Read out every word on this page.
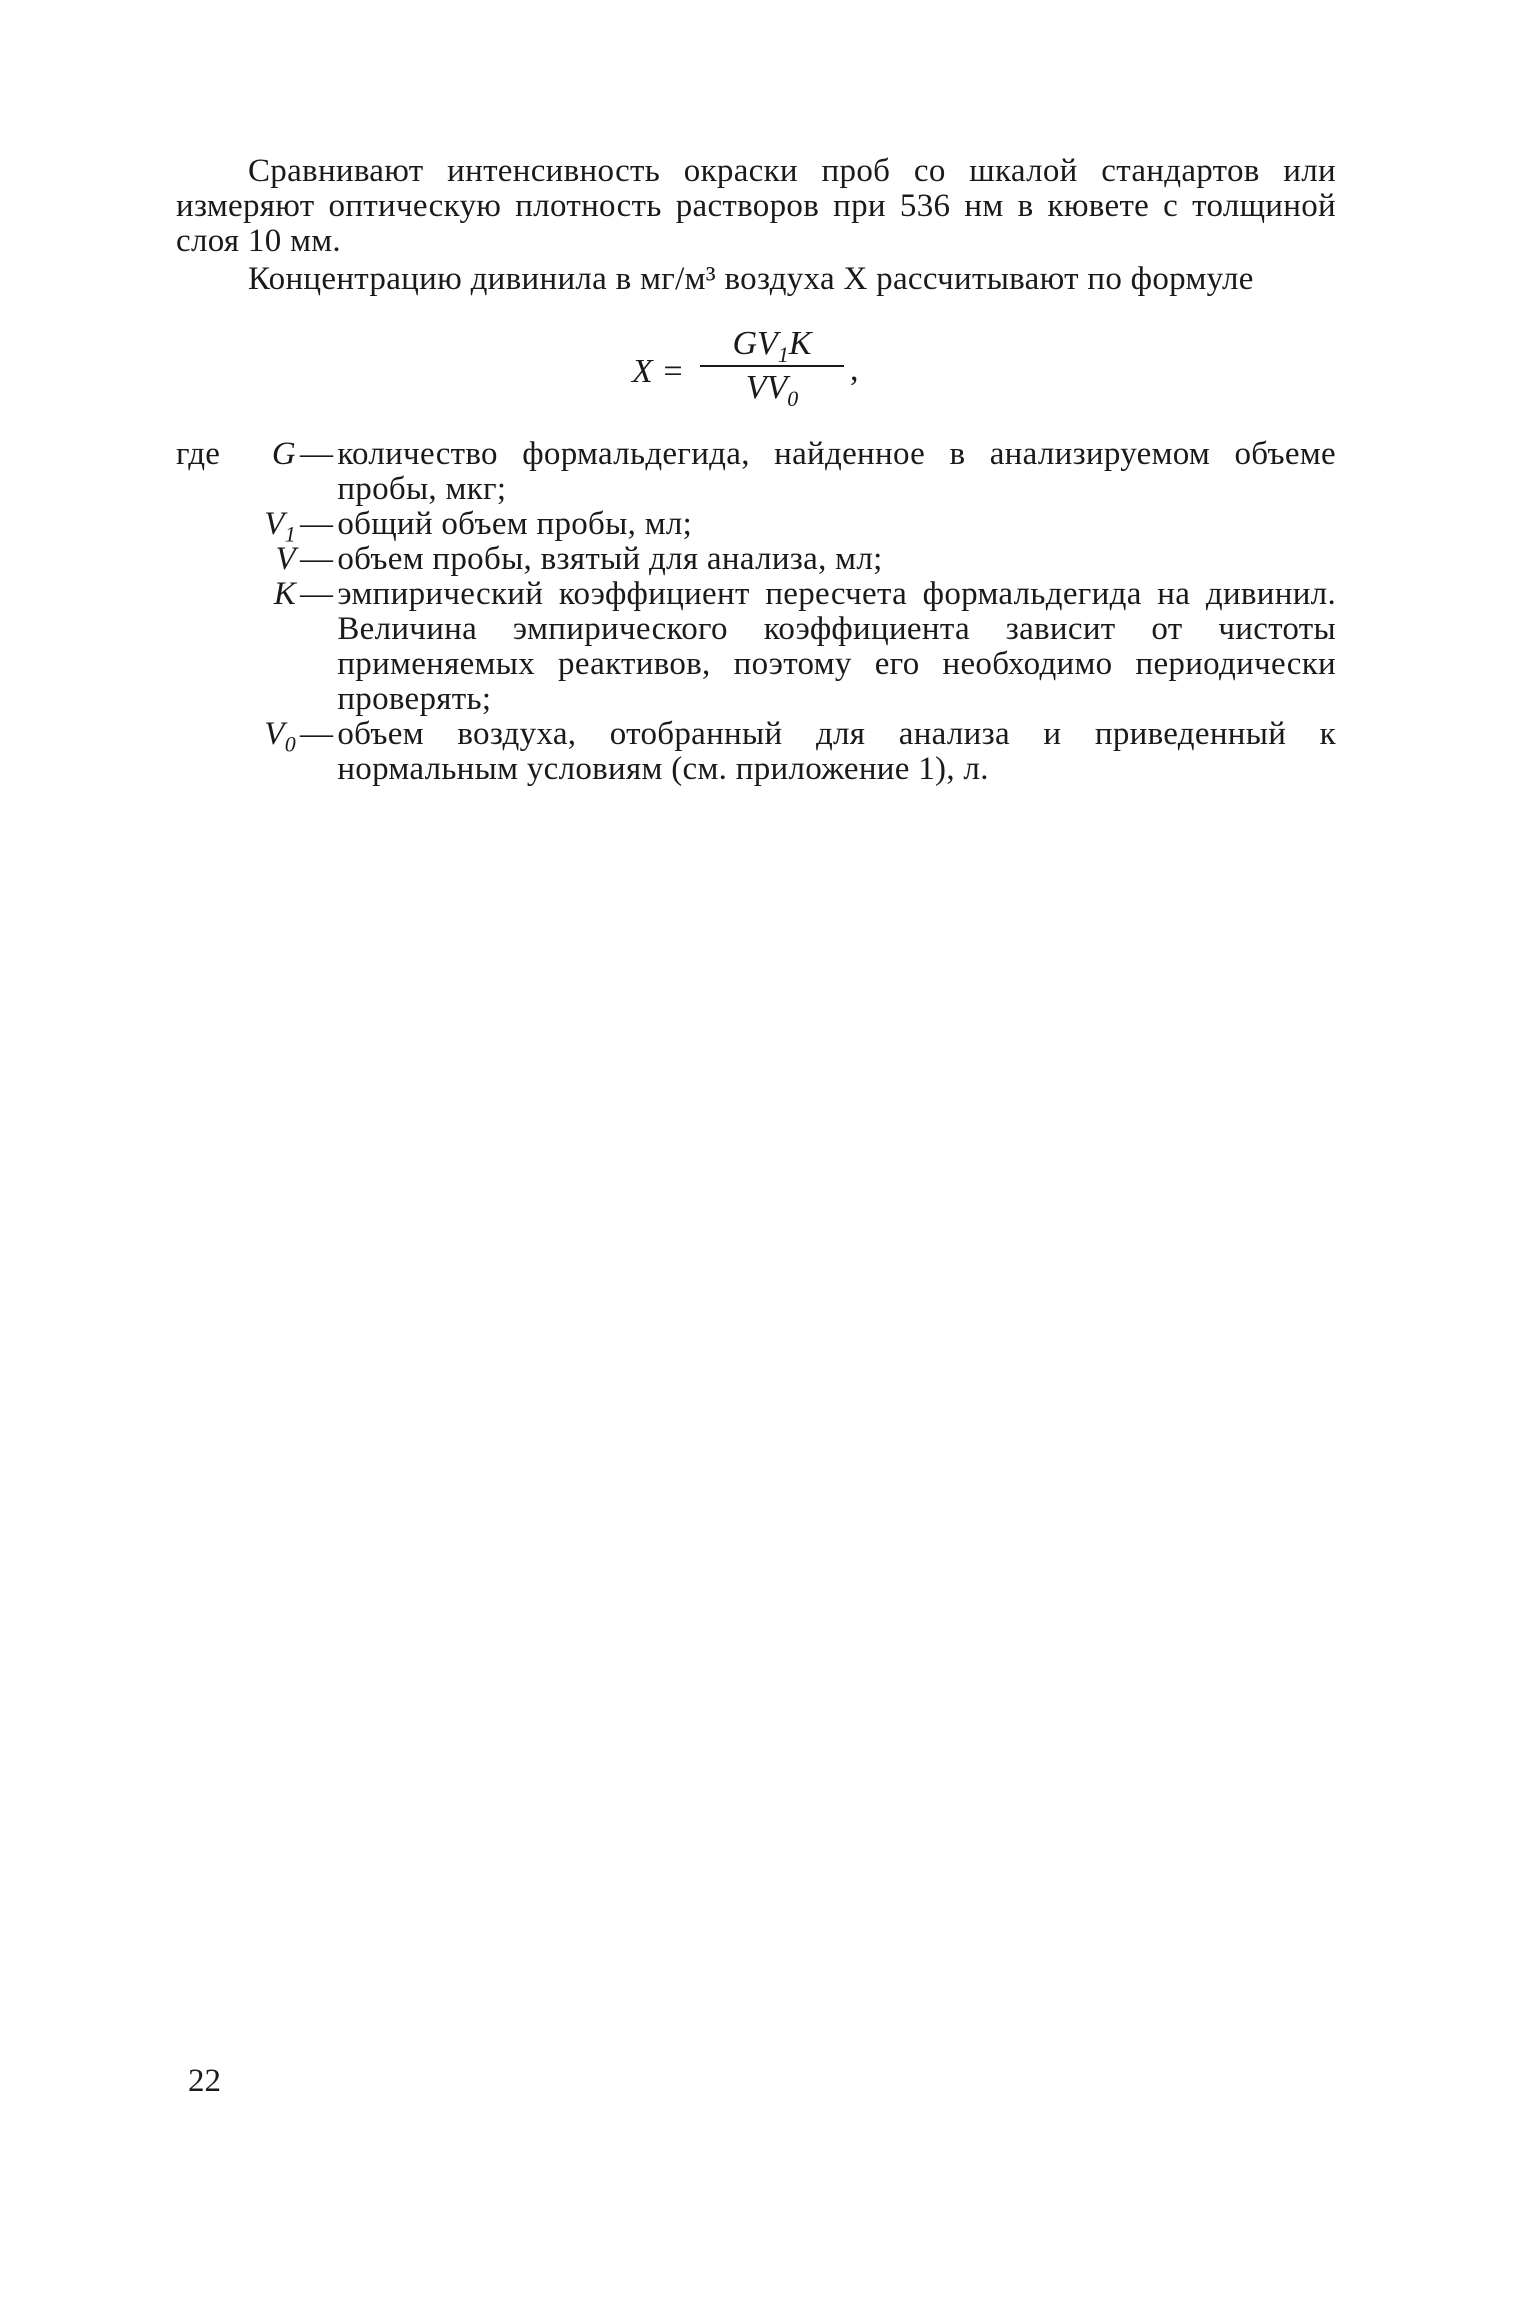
Сравнивают интенсивность окраски проб со шкалой стандартов или измеряют оптическую плотность растворов при 536 нм в кювете с толщиной слоя 10 мм.

Концентрацию дивинила в мг/м³ воздуха X рассчитывают по формуле

X =
$GV_1K$
$VV_0$
,
где	G — количество формальдегида, найденное в анализируемом объеме пробы, мкг;
$V_1$ — общий объем пробы, мл;
V — объем пробы, взятый для анализа, мл;
K — эмпирический коэффициент пересчета формальдегида на дивинил. Величина эмпирического коэффициента зависит от чистоты применяемых реактивов, поэтому его необходимо периодически проверять;
$V_0$ — объем воздуха, отобранный для анализа и приведенный к нормальным условиям (см. приложение 1), л.
22
